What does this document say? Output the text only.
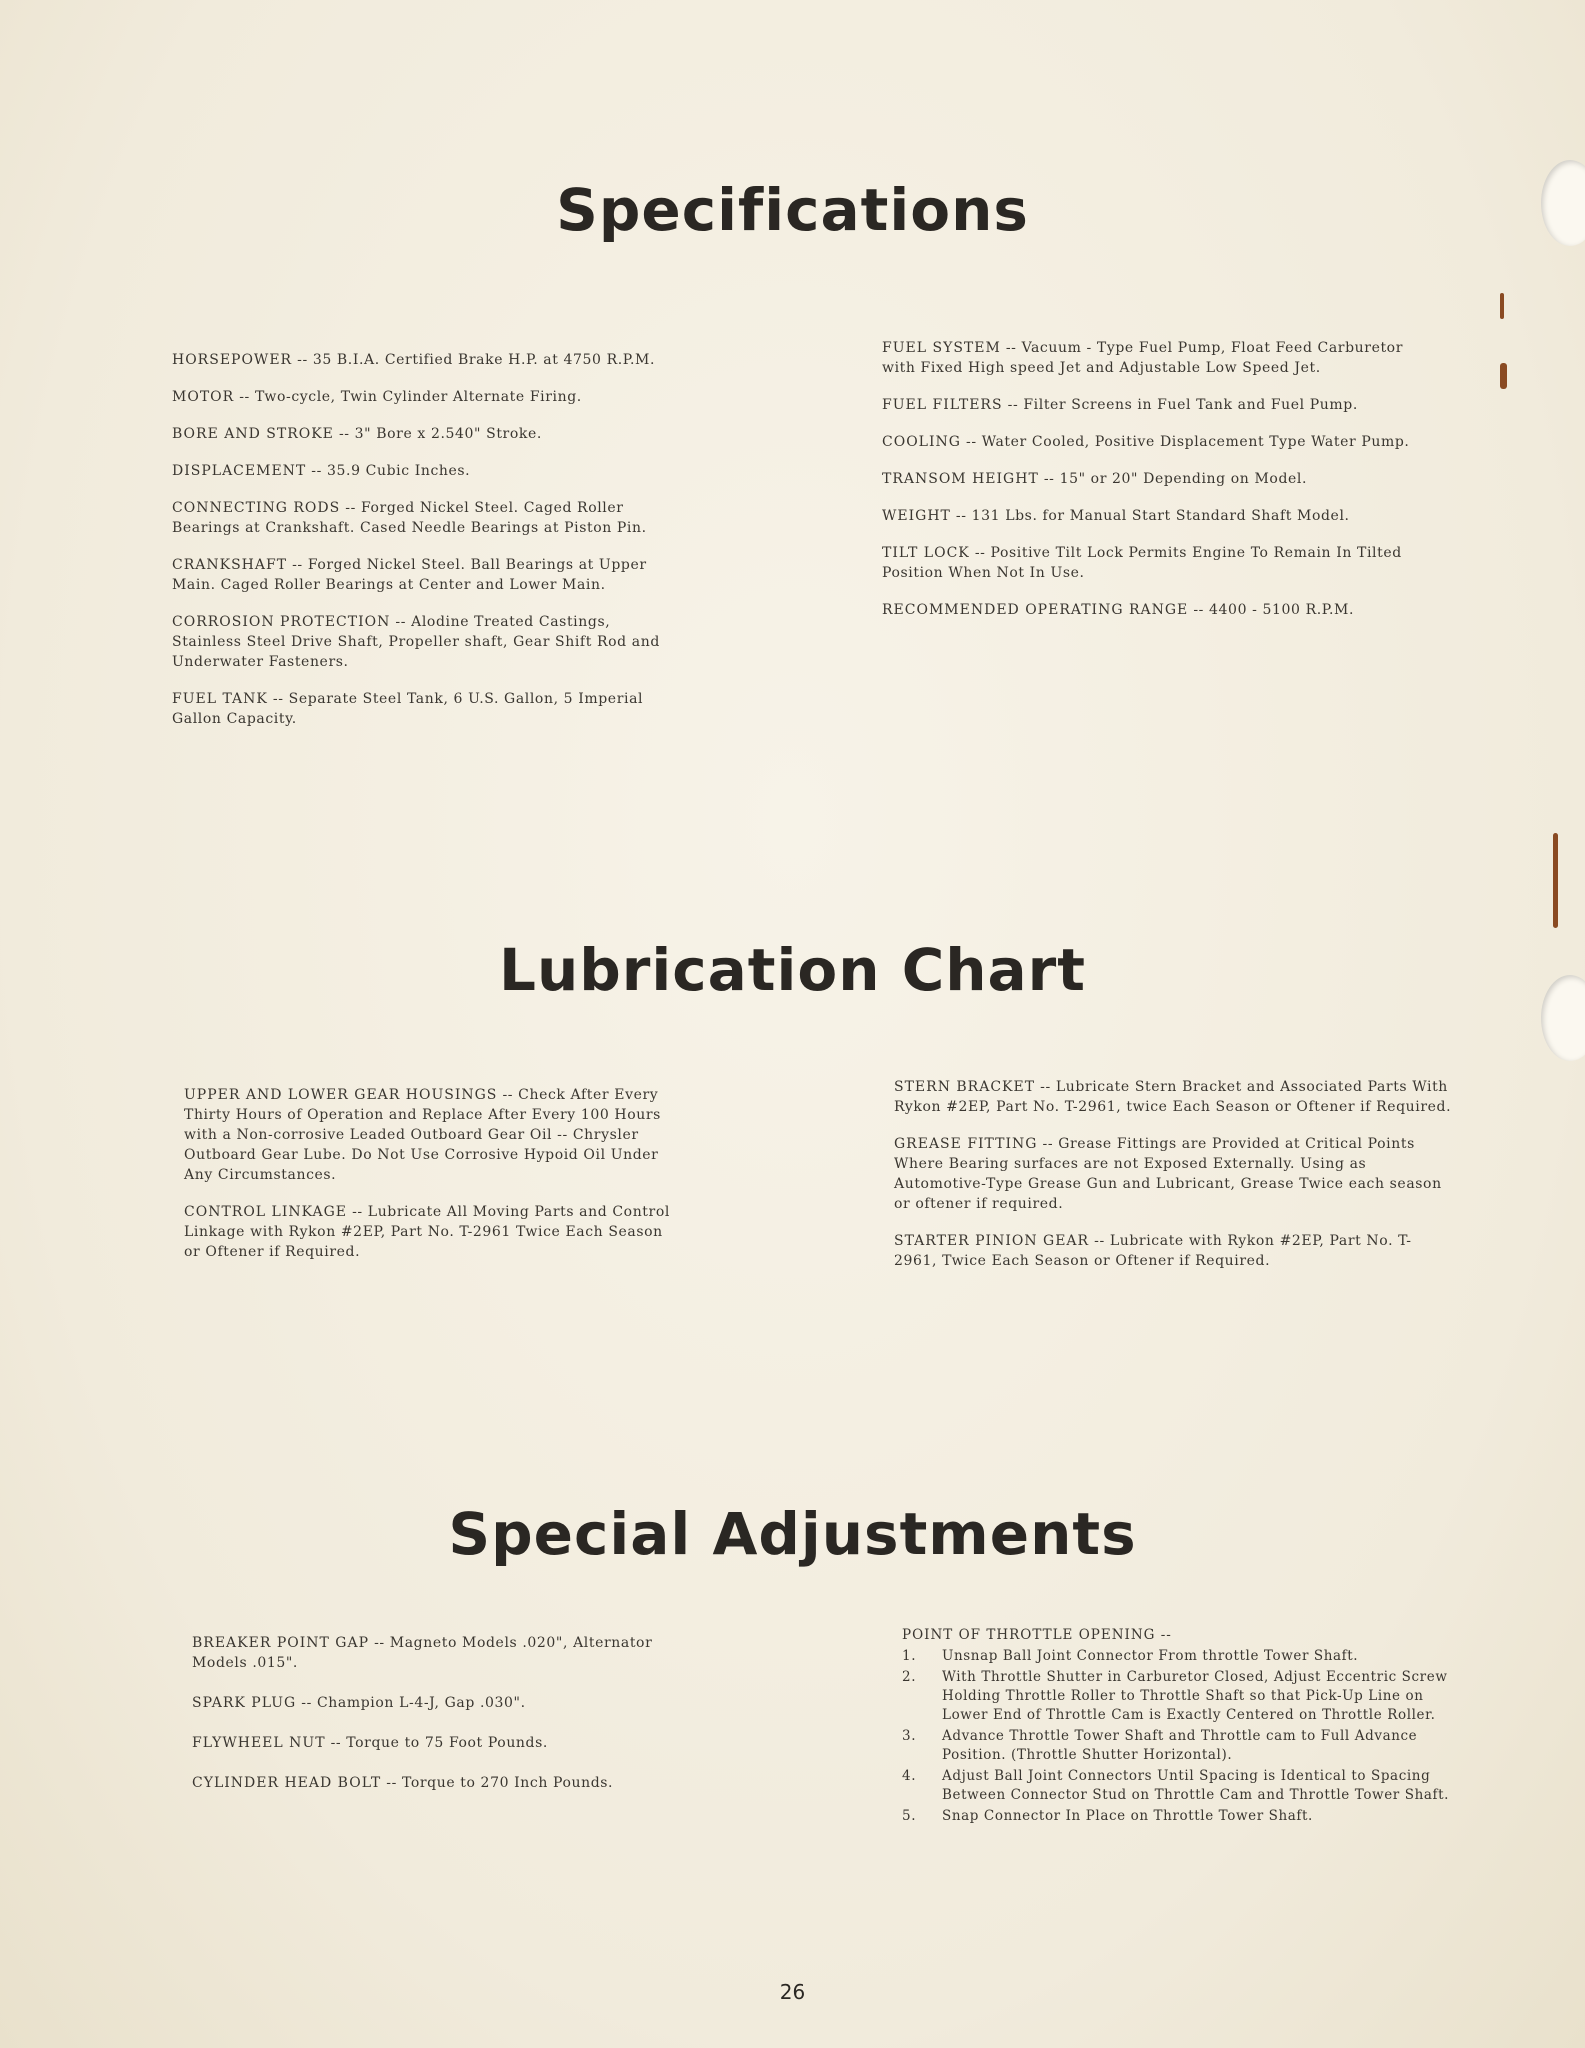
Specifications
HORSEPOWER -- 35 B.I.A. Certified Brake H.P. at 4750 R.P.M.
MOTOR -- Two-cycle, Twin Cylinder Alternate Firing.
BORE AND STROKE -- 3" Bore x 2.540" Stroke.
DISPLACEMENT -- 35.9 Cubic Inches.
CONNECTING RODS -- Forged Nickel Steel. Caged Roller Bearings at Crankshaft. Cased Needle Bearings at Piston Pin.
CRANKSHAFT -- Forged Nickel Steel. Ball Bearings at Upper Main. Caged Roller Bearings at Center and Lower Main.
CORROSION PROTECTION -- Alodine Treated Castings, Stainless Steel Drive Shaft, Propeller shaft, Gear Shift Rod and Underwater Fasteners.
FUEL TANK -- Separate Steel Tank, 6 U.S. Gallon, 5 Imperial Gallon Capacity.
FUEL SYSTEM -- Vacuum - Type Fuel Pump, Float Feed Carburetor with Fixed High speed Jet and Adjustable Low Speed Jet.
FUEL FILTERS -- Filter Screens in Fuel Tank and Fuel Pump.
COOLING -- Water Cooled, Positive Displacement Type Water Pump.
TRANSOM HEIGHT -- 15" or 20" Depending on Model.
WEIGHT -- 131 Lbs. for Manual Start Standard Shaft Model.
TILT LOCK -- Positive Tilt Lock Permits Engine To Remain In Tilted Position When Not In Use.
RECOMMENDED OPERATING RANGE -- 4400 - 5100 R.P.M.
Lubrication Chart
UPPER AND LOWER GEAR HOUSINGS -- Check After Every Thirty Hours of Operation and Replace After Every 100 Hours with a Non-corrosive Leaded Outboard Gear Oil -- Chrysler Outboard Gear Lube. Do Not Use Corrosive Hypoid Oil Under Any Circumstances.
CONTROL LINKAGE -- Lubricate All Moving Parts and Control Linkage with Rykon #2EP, Part No. T-2961 Twice Each Season or Oftener if Required.
STERN BRACKET -- Lubricate Stern Bracket and Associated Parts With Rykon #2EP, Part No. T-2961, twice Each Season or Oftener if Required.
GREASE FITTING -- Grease Fittings are Provided at Critical Points Where Bearing surfaces are not Exposed Externally. Using as Automotive-Type Grease Gun and Lubricant, Grease Twice each season or oftener if required.
STARTER PINION GEAR -- Lubricate with Rykon #2EP, Part No. T-2961, Twice Each Season or Oftener if Required.
Special Adjustments
BREAKER POINT GAP -- Magneto Models .020", Alternator Models .015".
SPARK PLUG -- Champion L-4-J, Gap .030".
FLYWHEEL NUT -- Torque to 75 Foot Pounds.
CYLINDER HEAD BOLT -- Torque to 270 Inch Pounds.
POINT OF THROTTLE OPENING --
1. Unsnap Ball Joint Connector From throttle Tower Shaft.
2. With Throttle Shutter in Carburetor Closed, Adjust Eccentric Screw Holding Throttle Roller to Throttle Shaft so that Pick-Up Line on Lower End of Throttle Cam is Exactly Centered on Throttle Roller.
3. Advance Throttle Tower Shaft and Throttle cam to Full Advance Position. (Throttle Shutter Horizontal).
4. Adjust Ball Joint Connectors Until Spacing is Identical to Spacing Between Connector Stud on Throttle Cam and Throttle Tower Shaft.
5. Snap Connector In Place on Throttle Tower Shaft.
26
